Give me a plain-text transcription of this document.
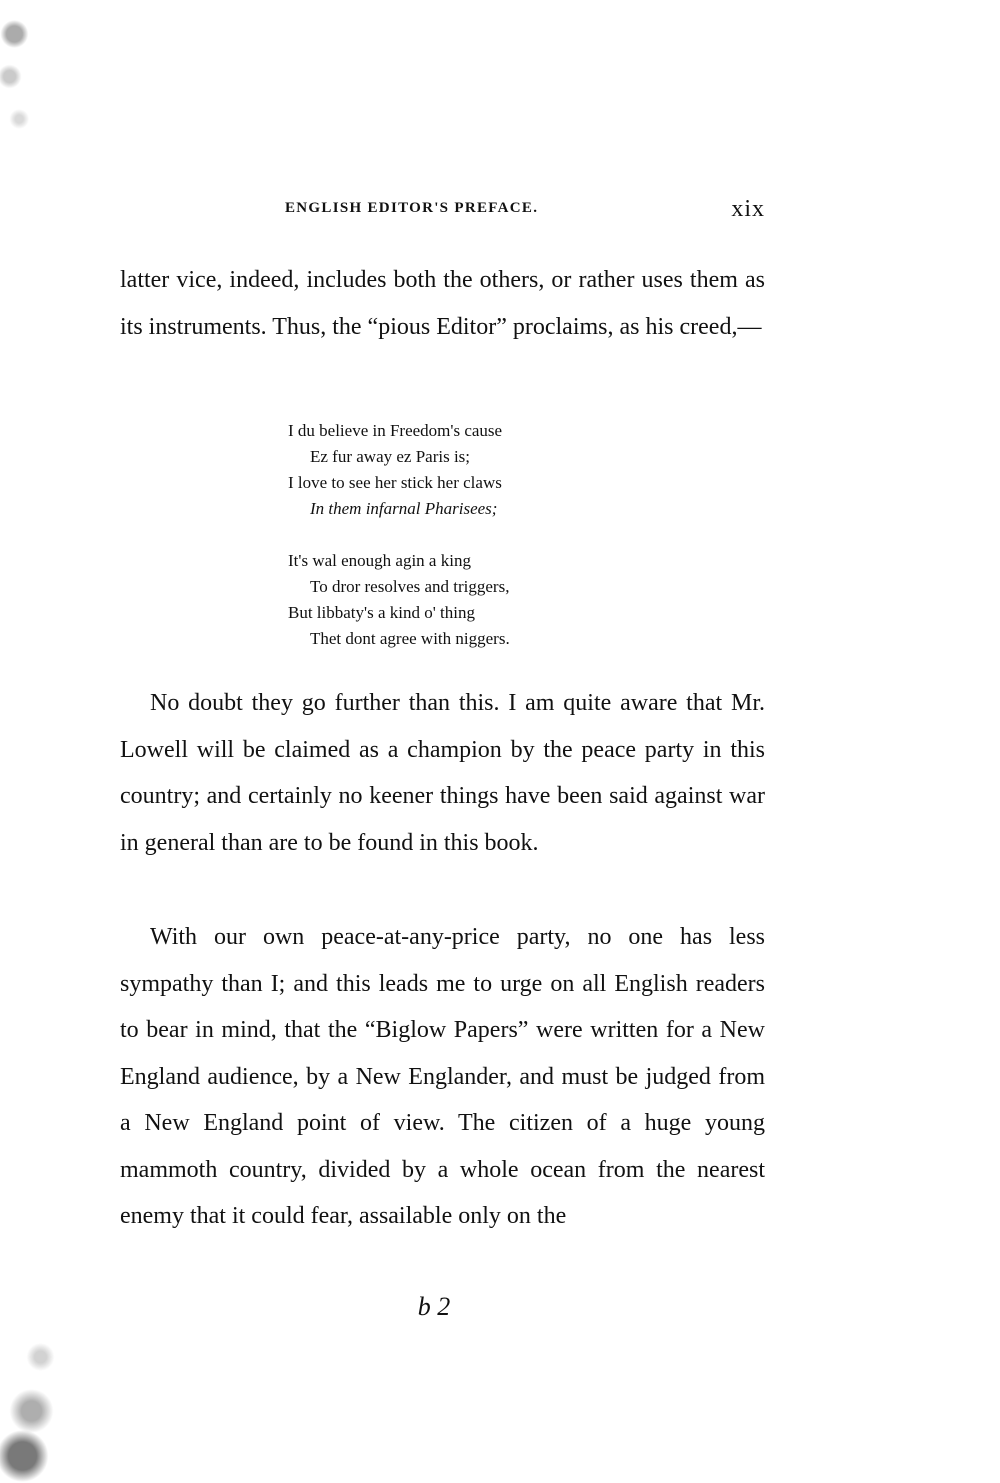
ENGLISH EDITOR'S PREFACE.	xix

latter vice, indeed, includes both the others, or rather uses them as its instruments. Thus, the “pious Editor” proclaims, as his creed,—

I du believe in Freedom's cause
Ez fur away ez Paris is;
I love to see her stick her claws
In them infarnal Pharisees;

It's wal enough agin a king
To dror resolves and triggers,
But libbaty's a kind o' thing
Thet dont agree with niggers.

No doubt they go further than this. I am quite aware that Mr. Lowell will be claimed as a champion by the peace party in this country; and certainly no keener things have been said against war in general than are to be found in this book.

With our own peace-at-any-price party, no one has less sympathy than I; and this leads me to urge on all English readers to bear in mind, that the “Biglow Papers” were written for a New England audience, by a New Englander, and must be judged from a New England point of view. The citizen of a huge young mammoth country, divided by a whole ocean from the nearest enemy that it could fear, assailable only on the

b 2
